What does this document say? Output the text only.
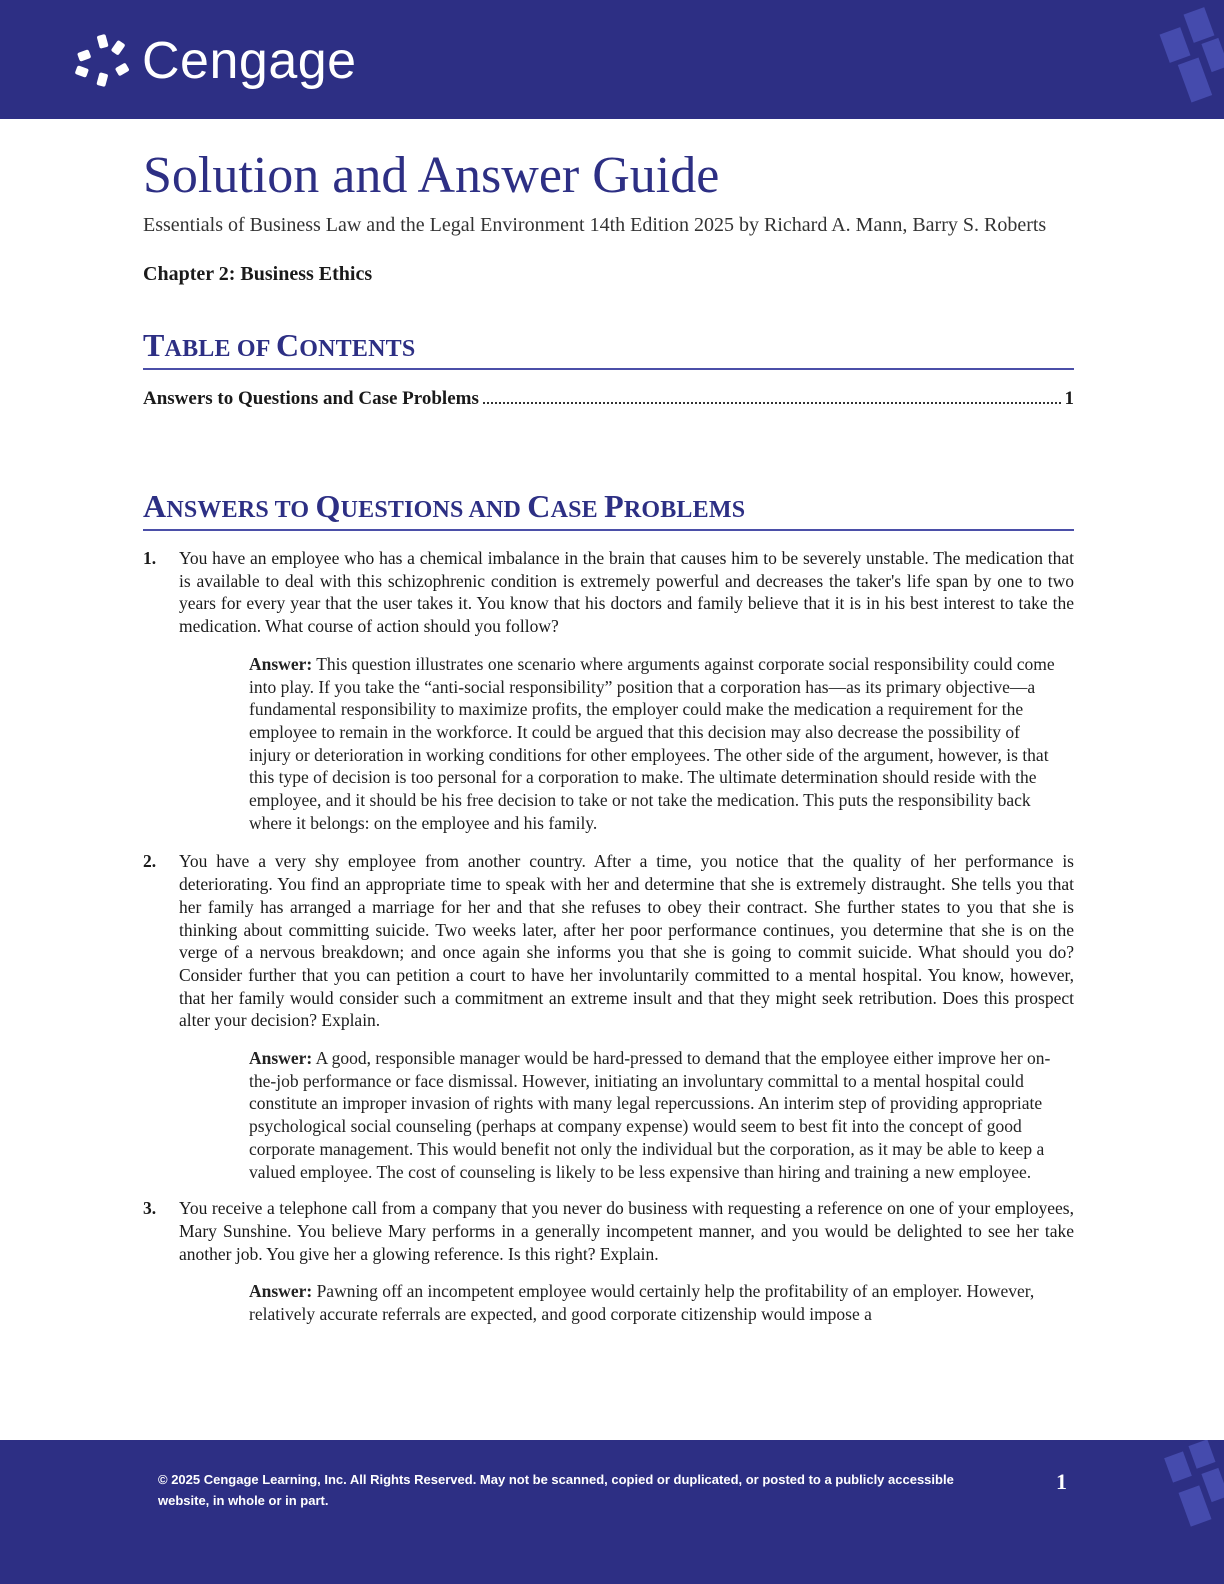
Cengage
Solution and Answer Guide

Essentials of Business Law and the Legal Environment 14th Edition 2025 by Richard A. Mann, Barry S. Roberts

Chapter 2: Business Ethics
TABLE OF CONTENTS
Answers to Questions and Case Problems	1
ANSWERS TO QUESTIONS AND CASE PROBLEMS
1.	You have an employee who has a chemical imbalance in the brain that causes him to be severely unstable. The medication that is available to deal with this schizophrenic condition is extremely powerful and decreases the taker's life span by one to two years for every year that the user takes it. You know that his doctors and family believe that it is in his best interest to take the medication. What course of action should you follow?
Answer: This question illustrates one scenario where arguments against corporate social responsibility could come into play. If you take the “anti-social responsibility” position that a corporation has—as its primary objective—a fundamental responsibility to maximize profits, the employer could make the medication a requirement for the employee to remain in the workforce. It could be argued that this decision may also decrease the possibility of injury or deterioration in working conditions for other employees. The other side of the argument, however, is that this type of decision is too personal for a corporation to make. The ultimate determination should reside with the employee, and it should be his free decision to take or not take the medication. This puts the responsibility back where it belongs: on the employee and his family.
2.	You have a very shy employee from another country. After a time, you notice that the quality of her performance is deteriorating. You find an appropriate time to speak with her and determine that she is extremely distraught. She tells you that her family has arranged a marriage for her and that she refuses to obey their contract. She further states to you that she is thinking about committing suicide. Two weeks later, after her poor performance continues, you determine that she is on the verge of a nervous breakdown; and once again she informs you that she is going to commit suicide. What should you do? Consider further that you can petition a court to have her involuntarily committed to a mental hospital. You know, however, that her family would consider such a commitment an extreme insult and that they might seek retribution. Does this prospect alter your decision? Explain.
Answer: A good, responsible manager would be hard-pressed to demand that the employee either improve her on-the-job performance or face dismissal. However, initiating an involuntary committal to a mental hospital could constitute an improper invasion of rights with many legal repercussions. An interim step of providing appropriate psychological social counseling (perhaps at company expense) would seem to best fit into the concept of good corporate management. This would benefit not only the individual but the corporation, as it may be able to keep a valued employee. The cost of counseling is likely to be less expensive than hiring and training a new employee.
3.	You receive a telephone call from a company that you never do business with requesting a reference on one of your employees, Mary Sunshine. You believe Mary performs in a generally incompetent manner, and you would be delighted to see her take another job. You give her a glowing reference. Is this right? Explain.
Answer: Pawning off an incompetent employee would certainly help the profitability of an employer. However, relatively accurate referrals are expected, and good corporate citizenship would impose a
© 2025 Cengage Learning, Inc. All Rights Reserved. May not be scanned, copied or duplicated, or posted to a publicly accessible website, in whole or in part.
1
